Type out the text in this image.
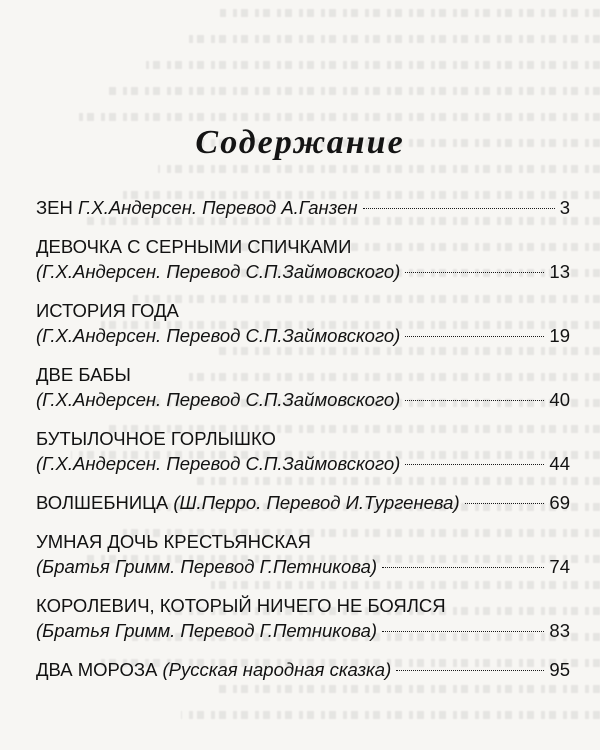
Содержание
ЗЕН Г.Х.Андерсен. Перевод А.Ганзен	3
ДЕВОЧКА С СЕРНЫМИ СПИЧКАМИ
(Г.Х.Андерсен. Перевод С.П.Займовского)	13
ИСТОРИЯ ГОДА
(Г.Х.Андерсен. Перевод С.П.Займовского)	19
ДВЕ БАБЫ
(Г.Х.Андерсен. Перевод С.П.Займовского)	40
БУТЫЛОЧНОЕ ГОРЛЫШКО
(Г.Х.Андерсен. Перевод С.П.Займовского)	44
ВОЛШЕБНИЦА (Ш.Перро. Перевод И.Тургенева)	69
УМНАЯ ДОЧЬ КРЕСТЬЯНСКАЯ
(Братья Гримм. Перевод Г.Петникова)	74
КОРОЛЕВИЧ, КОТОРЫЙ НИЧЕГО НЕ БОЯЛСЯ
(Братья Гримм. Перевод Г.Петникова)	83
ДВА МОРОЗА (Русская народная сказка)	95
